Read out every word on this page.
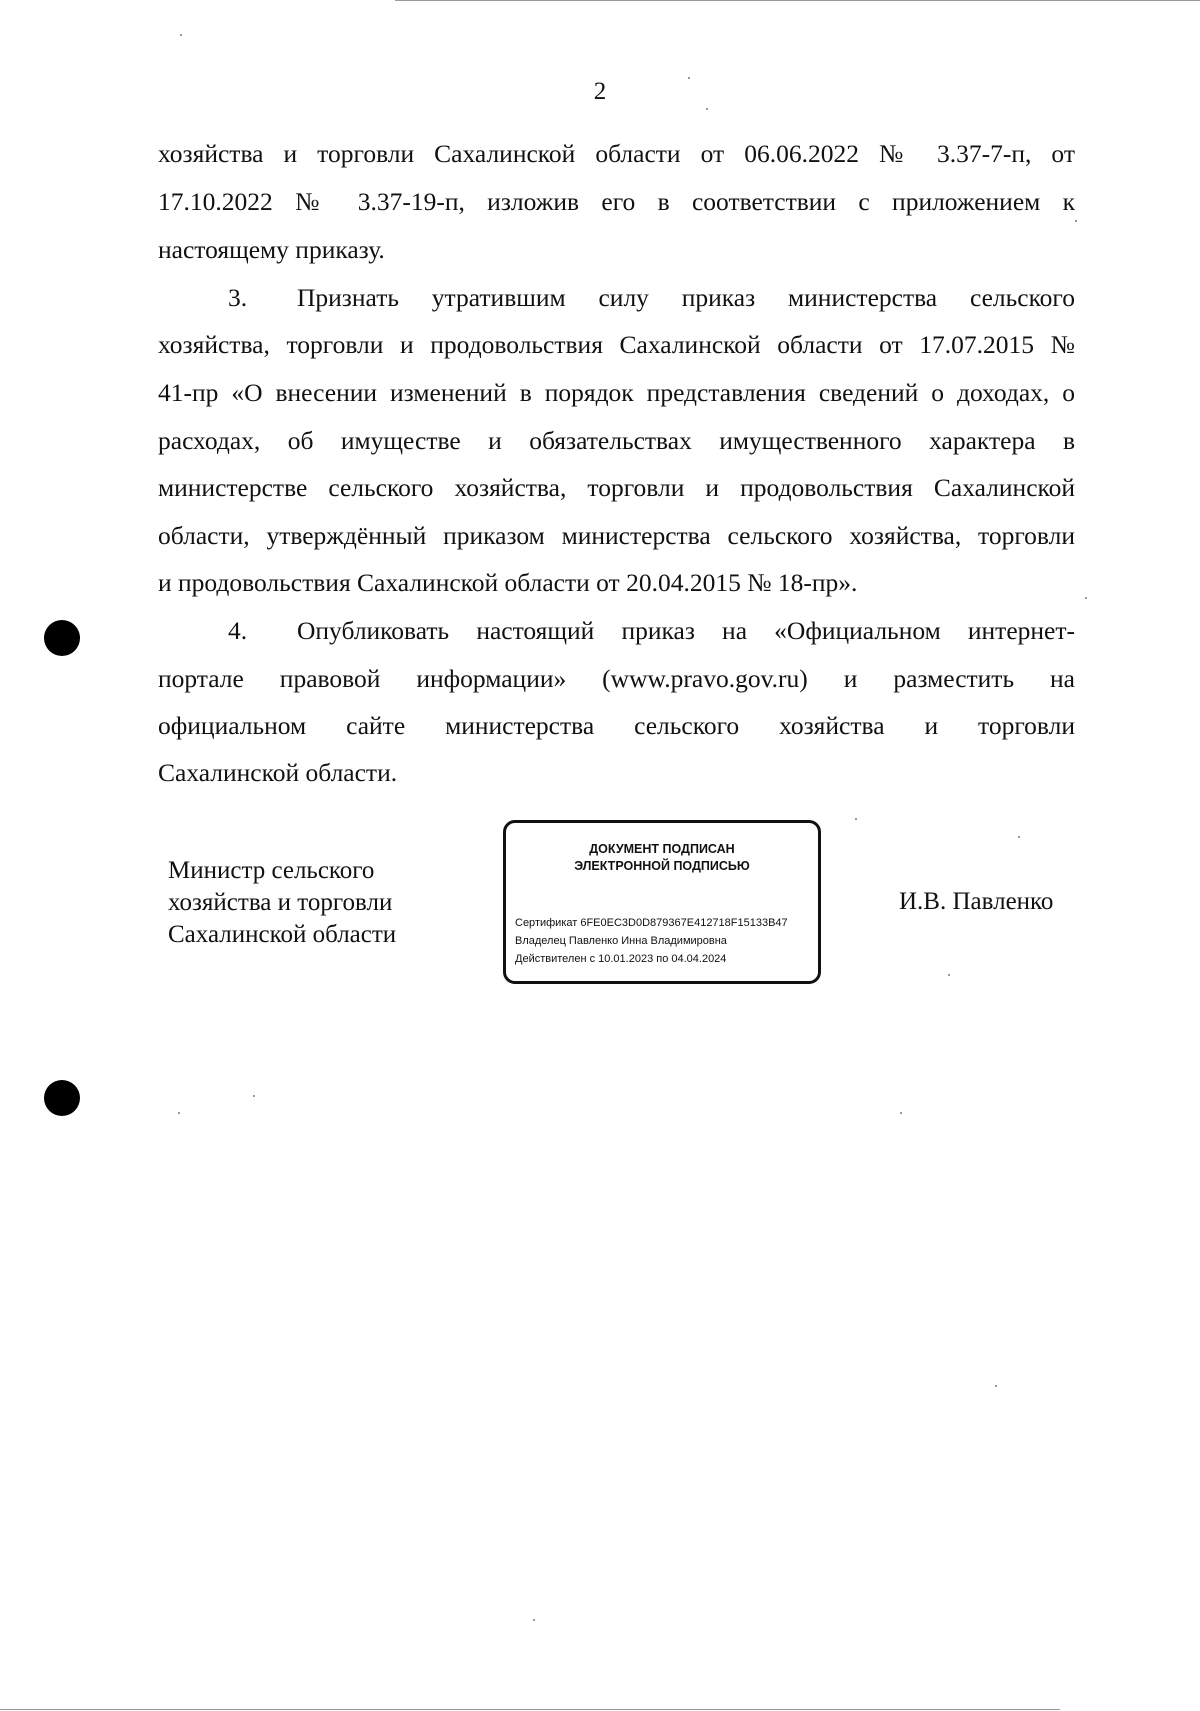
2
хозяйства и торговли Сахалинской области от 06.06.2022 № 3.37-7-п, от
17.10.2022 № 3.37-19-п, изложив его в соответствии с приложением к
настоящему приказу.
3. Признать утратившим силу приказ министерства сельского
хозяйства, торговли и продовольствия Сахалинской области от 17.07.2015 №
41-пр «О внесении изменений в порядок представления сведений о доходах, о
расходах, об имуществе и обязательствах имущественного характера в
министерстве сельского хозяйства, торговли и продовольствия Сахалинской
области, утверждённый приказом министерства сельского хозяйства, торговли
и продовольствия Сахалинской области от 20.04.2015 № 18-пр».
4. Опубликовать настоящий приказ на «Официальном интернет-
портале правовой информации» (www.pravo.gov.ru) и разместить на
официальном сайте министерства сельского хозяйства и торговли
Сахалинской области.
Министр сельского
хозяйства и торговли
Сахалинской области
ДОКУМЕНТ ПОДПИСАН
ЭЛЕКТРОННОЙ ПОДПИСЬЮ
Сертификат 6FE0EC3D0D879367E412718F15133B47
Владелец Павленко Инна Владимировна
Действителен с 10.01.2023 по 04.04.2024
И.В. Павленко
